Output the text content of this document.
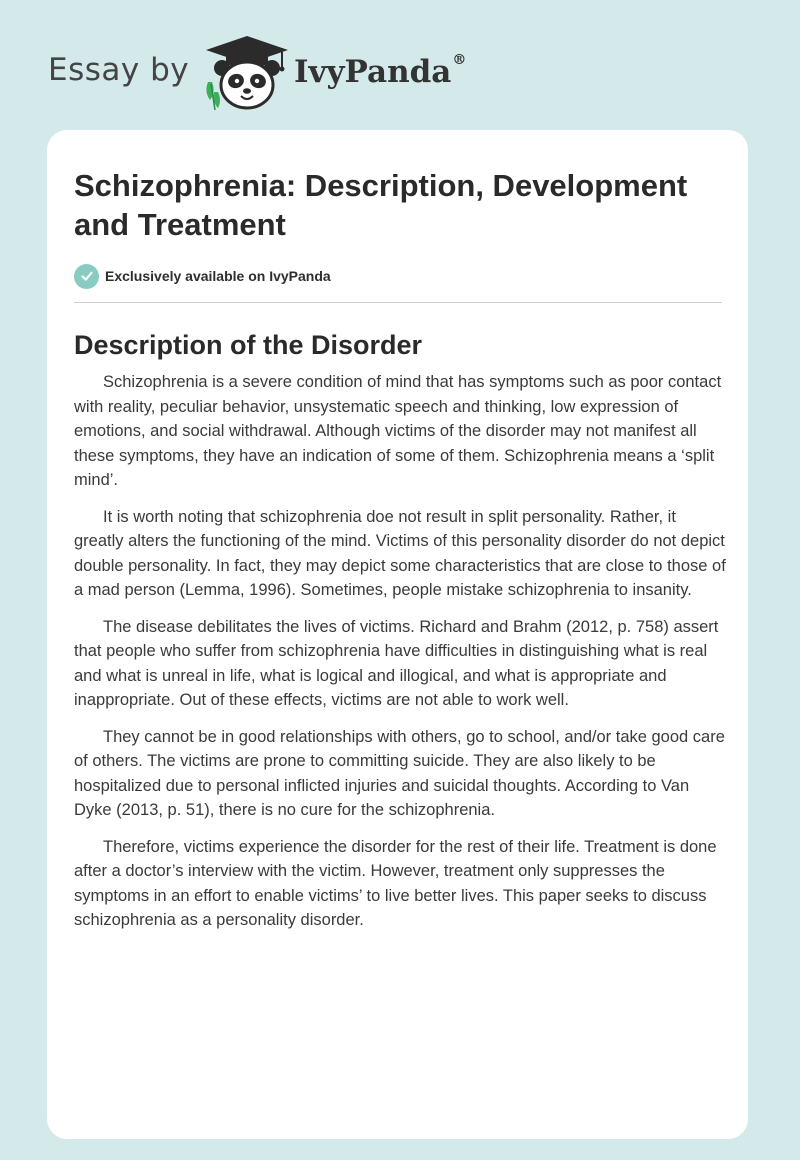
Essay by	IvyPanda®
Schizophrenia: Description, Development and Treatment
Exclusively available on IvyPanda
Description of the Disorder

Schizophrenia is a severe condition of mind that has symptoms such as poor contact with reality, peculiar behavior, unsystematic speech and thinking, low expression of emotions, and social withdrawal. Although victims of the disorder may not manifest all these symptoms, they have an indication of some of them. Schizophrenia means a ‘split mind’.

It is worth noting that schizophrenia doe not result in split personality. Rather, it greatly alters the functioning of the mind. Victims of this personality disorder do not depict double personality. In fact, they may depict some characteristics that are close to those of a mad person (Lemma, 1996). Sometimes, people mistake schizophrenia to insanity.

The disease debilitates the lives of victims. Richard and Brahm (2012, p. 758) assert that people who suffer from schizophrenia have difficulties in distinguishing what is real and what is unreal in life, what is logical and illogical, and what is appropriate and inappropriate. Out of these effects, victims are not able to work well.

They cannot be in good relationships with others, go to school, and/or take good care of others. The victims are prone to committing suicide. They are also likely to be hospitalized due to personal inflicted injuries and suicidal thoughts. According to Van Dyke (2013, p. 51), there is no cure for the schizophrenia.

Therefore, victims experience the disorder for the rest of their life. Treatment is done after a doctor’s interview with the victim. However, treatment only suppresses the symptoms in an effort to enable victims’ to live better lives. This paper seeks to discuss schizophrenia as a personality disorder.
